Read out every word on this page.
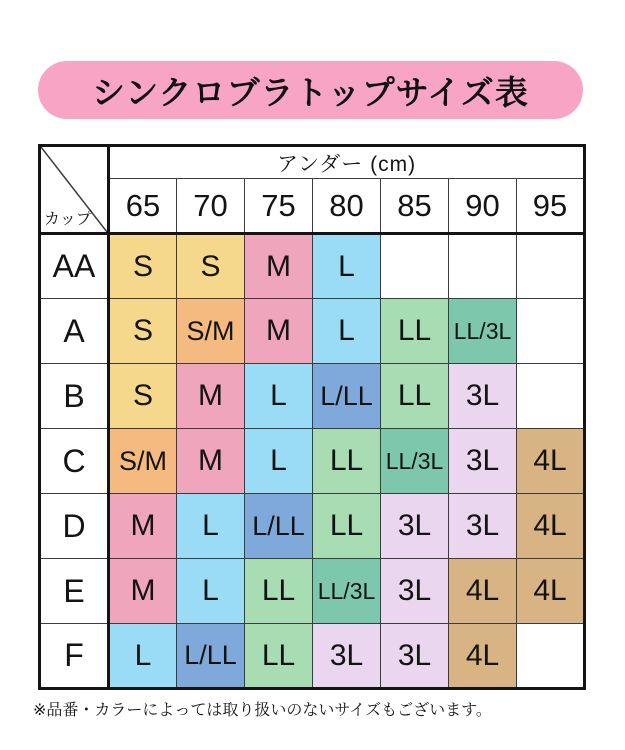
シンクロブラトップサイズ表
カップ	アンダー (cm)						
	65	70	75	80	85	90	95
AA	S	S	M	L			
A	S	S/M	M	L	LL	LL/3L	
B	S	M	L	L/LL	LL	3L	
C	S/M	M	L	LL	LL/3L	3L	4L
D	M	L	L/LL	LL	3L	3L	4L
E	M	L	LL	LL/3L	3L	4L	4L
F	L	L/LL	LL	3L	3L	4L	
※品番・カラーによっては取り扱いのないサイズもございます。
